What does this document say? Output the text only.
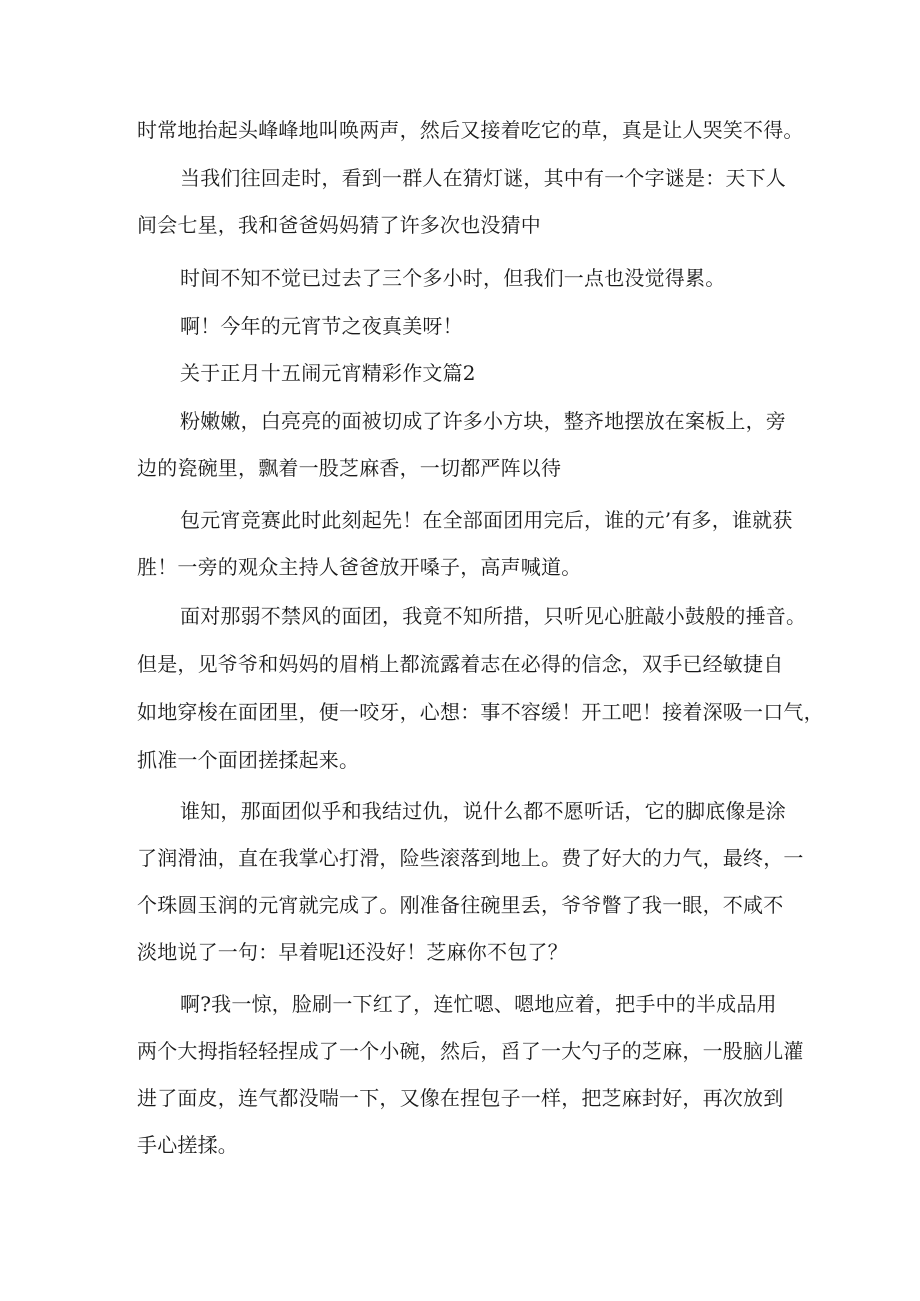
时常地抬起头峰峰地叫唤两声，然后又接着吃它的草，真是让人哭笑不得。
当我们往回走时，看到一群人在猜灯谜，其中有一个字谜是：天下人
间会七星，我和爸爸妈妈猜了许多次也没猜中
时间不知不觉已过去了三个多小时，但我们一点也没觉得累。
啊！今年的元宵节之夜真美呀！
关于正月十五闹元宵精彩作文篇2
粉嫩嫩，白亮亮的面被切成了许多小方块，整齐地摆放在案板上，旁
边的瓷碗里，飘着一股芝麻香，一切都严阵以待
包元宵竞赛此时此刻起先！在全部面团用完后，谁的元’有多，谁就获
胜！一旁的观众主持人爸爸放开嗓子，高声喊道。
面对那弱不禁风的面团，我竟不知所措，只听见心脏敲小鼓般的捶音。
但是，见爷爷和妈妈的眉梢上都流露着志在必得的信念，双手已经敏捷自
如地穿梭在面团里，便一咬牙，心想：事不容缓！开工吧！接着深吸一口气，
抓准一个面团搓揉起来。
谁知，那面团似乎和我结过仇，说什么都不愿听话，它的脚底像是涂
了润滑油，直在我掌心打滑，险些滚落到地上。费了好大的力气，最终，一
个珠圆玉润的元宵就完成了。刚准备往碗里丢，爷爷瞥了我一眼，不咸不
淡地说了一句：早着呢l还没好！芝麻你不包了？
啊?我一惊，脸刷一下红了，连忙嗯、嗯地应着，把手中的半成品用
两个大拇指轻轻捏成了一个小碗，然后，舀了一大勺子的芝麻，一股脑儿灌
进了面皮，连气都没喘一下，又像在捏包子一样，把芝麻封好，再次放到
手心搓揉。
